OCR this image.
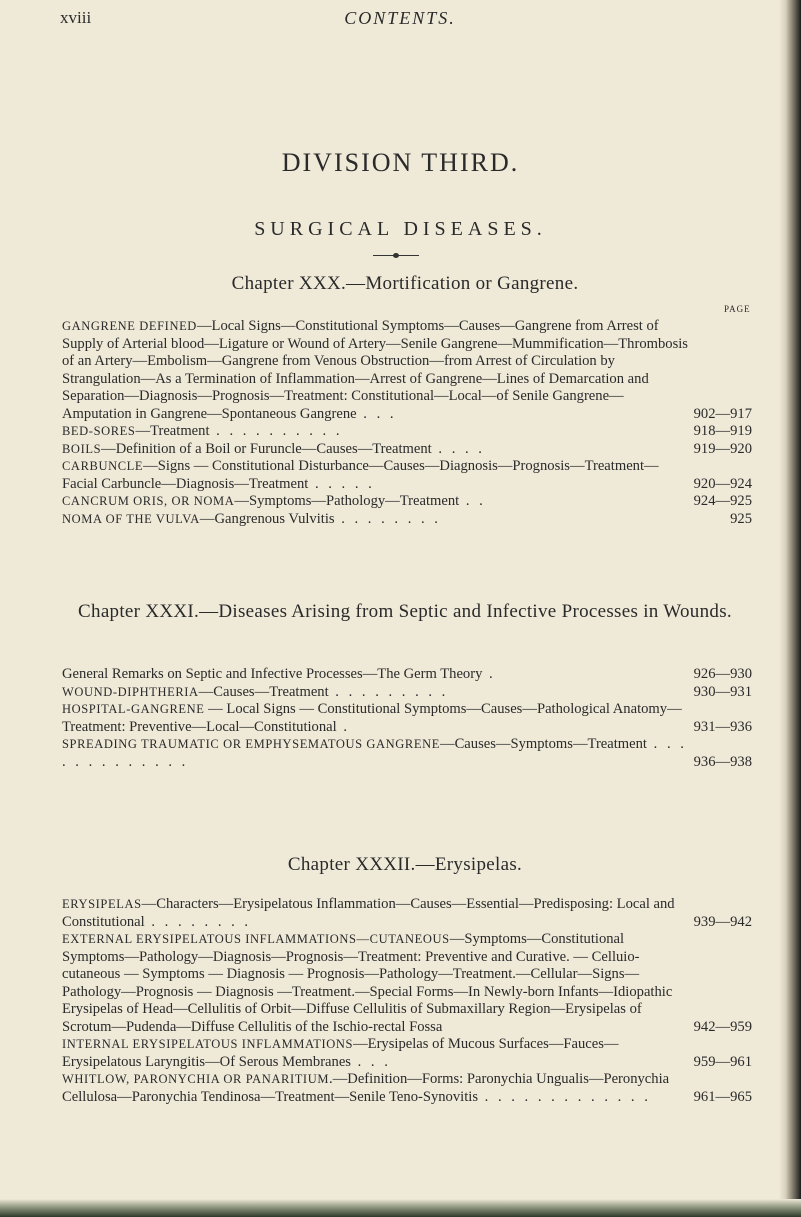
xviii	CONTENTS.
DIVISION THIRD.
SURGICAL DISEASES.
PAGE
Chapter XXX.—Mortification or Gangrene.
GANGRENE DEFINED—Local Signs—Constitutional Symptoms—Causes—Gangrene from Arrest of Supply of Arterial blood—Ligature or Wound of Artery—Senile Gangrene—Mummification—Thrombosis of an Artery—Embolism—Gangrene from Venous Obstruction—from Arrest of Circulation by Strangulation—As a Termination of Inflammation—Arrest of Gangrene—Lines of Demarcation and Separation—Diagnosis—Prognosis—Treatment: Constitutional—Local—of Senile Gangrene—Amputation in Gangrene—Spontaneous Gangrene . . .	902—917
BED-SORES—Treatment . . . . . . . . . .	918—919
BOILS—Definition of a Boil or Furuncle—Causes—Treatment . . . .	919—920
CARBUNCLE—Signs — Constitutional Disturbance—Causes—Diagnosis—Prognosis—Treatment—Facial Carbuncle—Diagnosis—Treatment . . . . .	920—924
CANCRUM ORIS, OR NOMA—Symptoms—Pathology—Treatment . .	924—925
NOMA OF THE VULVA—Gangrenous Vulvitis . . . . . . . .	925
Chapter XXXI.—Diseases Arising from Septic and Infective Processes in Wounds.
General Remarks on Septic and Infective Processes—The Germ Theory .	926—930
WOUND-DIPHTHERIA—Causes—Treatment . . . . . . . . .	930—931
HOSPITAL-GANGRENE — Local Signs — Constitutional Symptoms—Causes—Pathological Anatomy—Treatment: Preventive—Local—Constitutional .	931—936
SPREADING TRAUMATIC OR EMPHYSEMATOUS GANGRENE—Causes—Symptoms—Treatment . . . . . . . . . . . . .	936—938
Chapter XXXII.—Erysipelas.
ERYSIPELAS—Characters—Erysipelatous Inflammation—Causes—Essential—Predisposing: Local and Constitutional . . . . . . . .	939—942
EXTERNAL ERYSIPELATOUS INFLAMMATIONS—CUTANEOUS—Symptoms—Constitutional Symptoms—Pathology—Diagnosis—Prognosis—Treatment: Preventive and Curative. — Celluio-cutaneous — Symptoms — Diagnosis — Prognosis—Pathology—Treatment.—Cellular—Signs—Pathology—Prognosis — Diagnosis —Treatment.—Special Forms—In Newly-born Infants—Idiopathic Erysipelas of Head—Cellulitis of Orbit—Diffuse Cellulitis of Submaxillary Region—Erysipelas of Scrotum—Pudenda—Diffuse Cellulitis of the Ischio-rectal Fossa	942—959
INTERNAL ERYSIPELATOUS INFLAMMATIONS—Erysipelas of Mucous Surfaces—Fauces—Erysipelatous Laryngitis—Of Serous Membranes . . .	959—961
WHITLOW, PARONYCHIA OR PANARITIUM.—Definition—Forms: Paronychia Ungualis—Peronychia Cellulosa—Paronychia Tendinosa—Treatment—Senile Teno-Synovitis . . . . . . . . . . . . .	961—965
